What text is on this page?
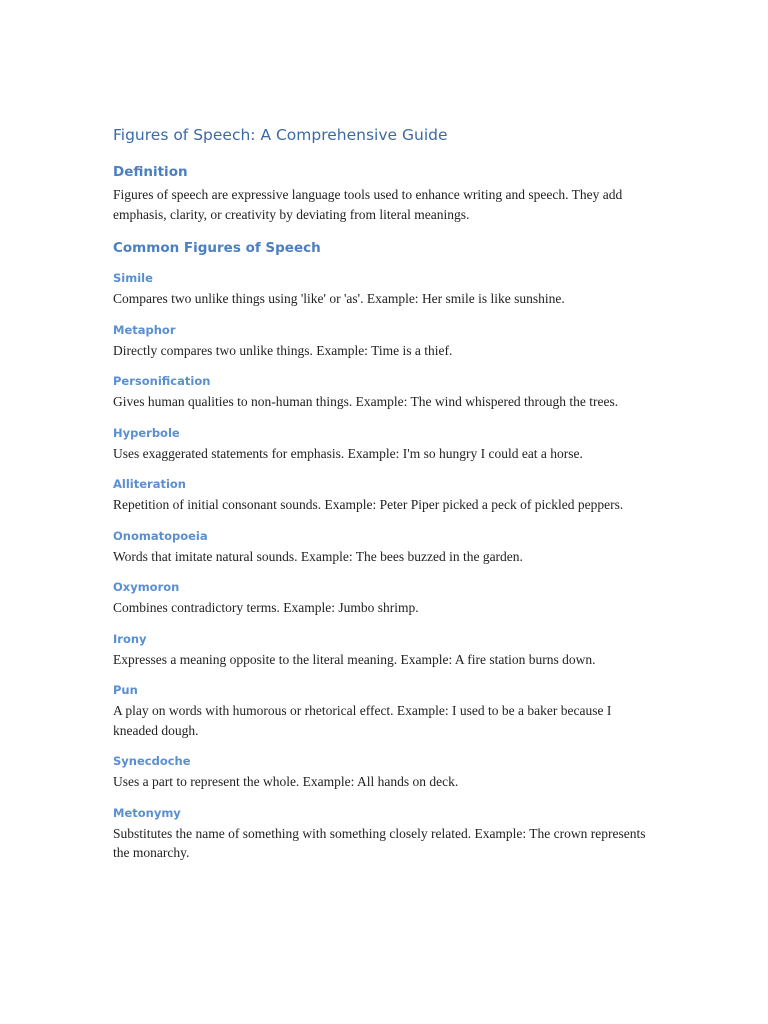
Figures of Speech: A Comprehensive Guide
Definition

Figures of speech are expressive language tools used to enhance writing and speech. They add emphasis, clarity, or creativity by deviating from literal meanings.

Common Figures of Speech
Simile

Compares two unlike things using 'like' or 'as'. Example: Her smile is like sunshine.

Metaphor

Directly compares two unlike things. Example: Time is a thief.

Personification

Gives human qualities to non-human things. Example: The wind whispered through the trees.

Hyperbole

Uses exaggerated statements for emphasis. Example: I'm so hungry I could eat a horse.

Alliteration

Repetition of initial consonant sounds. Example: Peter Piper picked a peck of pickled peppers.

Onomatopoeia

Words that imitate natural sounds. Example: The bees buzzed in the garden.

Oxymoron

Combines contradictory terms. Example: Jumbo shrimp.

Irony

Expresses a meaning opposite to the literal meaning. Example: A fire station burns down.

Pun

A play on words with humorous or rhetorical effect. Example: I used to be a baker because I kneaded dough.

Synecdoche

Uses a part to represent the whole. Example: All hands on deck.

Metonymy

Substitutes the name of something with something closely related. Example: The crown represents the monarchy.
